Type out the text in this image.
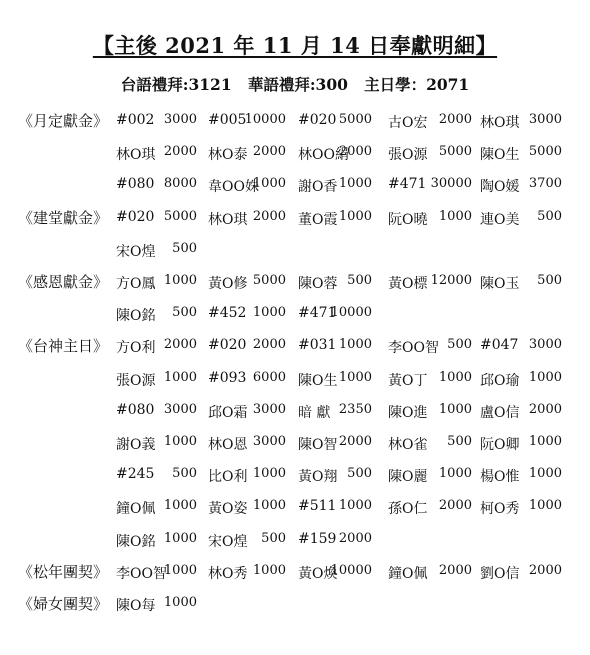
【主後 2021 年 11 月 14 日奉獻明細】
台語禮拜:3121   華語禮拜:300   主日學：2071
《月定獻金》 #002 3000 #005
10000 #020 5000 古O宏 2000 林O琪 3000
林O琪 2000 林O泰 2000 林OO絹
2000 張O源 5000 陳O生 5000
#080 8000 韋OO姝
1000 謝O香 1000 #471 30000 陶O媛 3700
《建堂獻金》 #020 5000 林O琪 2000 董O霞 1000 阮O曉 1000 連O美 500
宋O煌 500
《感恩獻金》 方O鳳 1000 黃O修 5000 陳O蓉 500 黃O標 12000 陳O玉 500
陳O銘 500 #452 1000 #471
10000
《台神主日》 方O利 2000 #020 2000 #031 1000 李OO智 500 #047 3000
張O源 1000 #093 6000 陳O生 1000 黃O丁 1000 邱O瑜 1000
#080 3000 邱O霜 3000 暗 獻 2350 陳O進 1000 盧O信 2000
謝O義 1000 林O恩 3000 陳O智 2000 林O雀 500 阮O卿 1000
#245 500 比O利 1000 黃O翔 500 陳O麗 1000 楊O惟 1000
鐘O佩 1000 黃O姿 1000 #511 1000 孫O仁 2000 柯O秀 1000
陳O銘 1000 宋O煌 500 #159 2000
《松年團契》 李OO智
1000 林O秀 1000 黃O煥
10000 鐘O佩 2000 劉O信 2000
《婦女團契》 陳O每 1000
